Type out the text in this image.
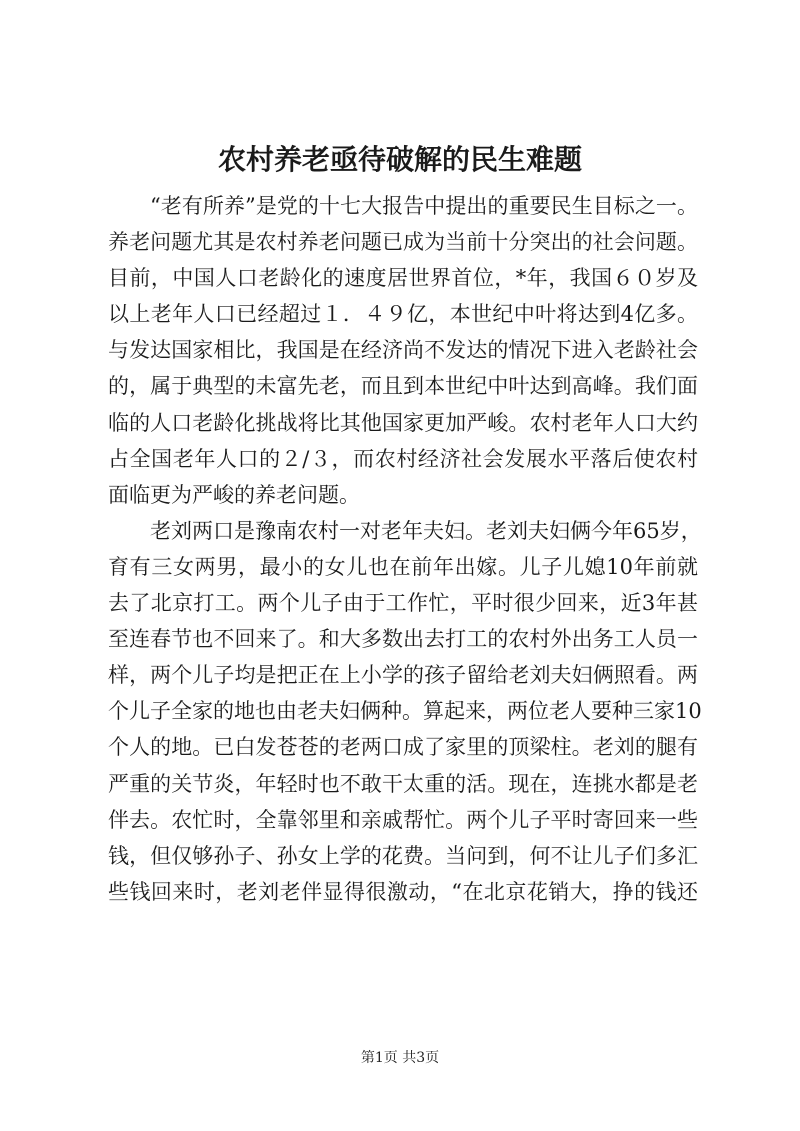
农村养老亟待破解的民生难题
“老有所养”是党的十七大报告中提出的重要民生目标之一。
养老问题尤其是农村养老问题已成为当前十分突出的社会问题。
目前，中国人口老龄化的速度居世界首位，*年，我国６０岁及
以上老年人口已经超过１．４９亿，本世纪中叶将达到4亿多。
与发达国家相比，我国是在经济尚不发达的情况下进入老龄社会
的，属于典型的未富先老，而且到本世纪中叶达到高峰。我们面
临的人口老龄化挑战将比其他国家更加严峻。农村老年人口大约
占全国老年人口的２/３，而农村经济社会发展水平落后使农村
面临更为严峻的养老问题。
老刘两口是豫南农村一对老年夫妇。老刘夫妇俩今年65岁，
育有三女两男，最小的女儿也在前年出嫁。儿子儿媳10年前就
去了北京打工。两个儿子由于工作忙，平时很少回来，近3年甚
至连春节也不回来了。和大多数出去打工的农村外出务工人员一
样，两个儿子均是把正在上小学的孩子留给老刘夫妇俩照看。两
个儿子全家的地也由老夫妇俩种。算起来，两位老人要种三家10
个人的地。已白发苍苍的老两口成了家里的顶梁柱。老刘的腿有
严重的关节炎，年轻时也不敢干太重的活。现在，连挑水都是老
伴去。农忙时，全靠邻里和亲戚帮忙。两个儿子平时寄回来一些
钱，但仅够孙子、孙女上学的花费。当问到，何不让儿子们多汇
些钱回来时，老刘老伴显得很激动，“在北京花销大，挣的钱还
第1页 共3页
